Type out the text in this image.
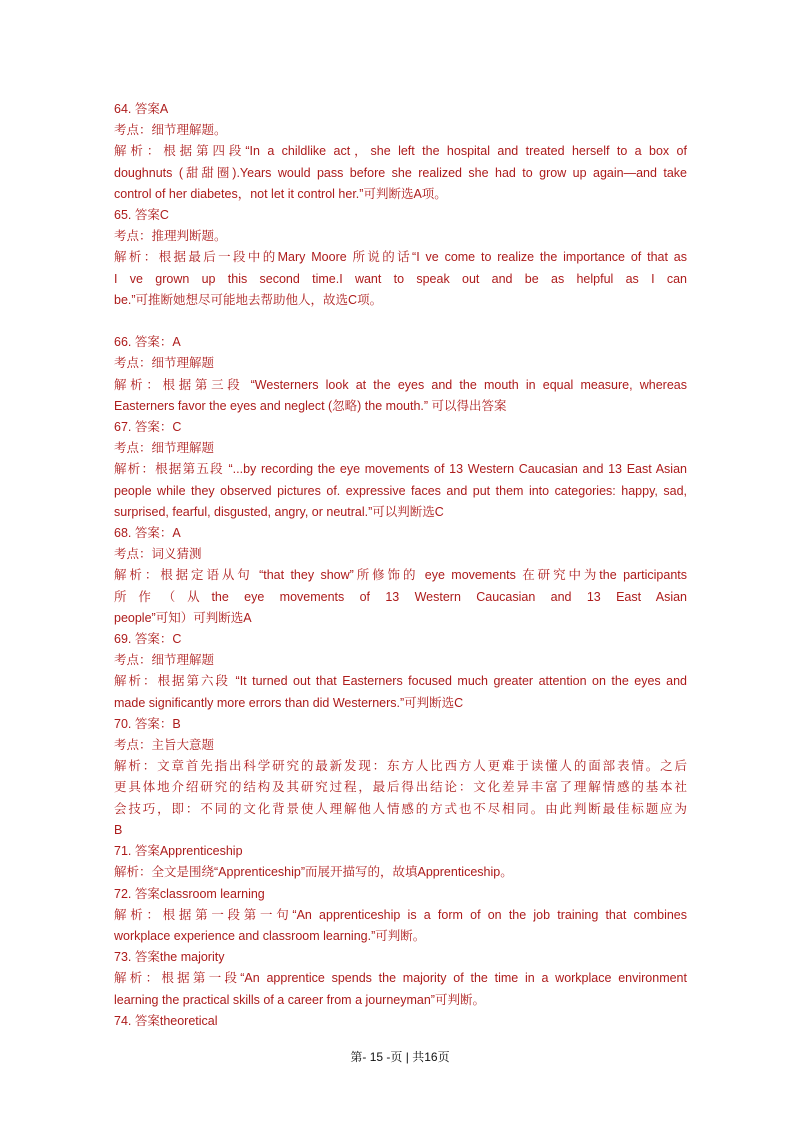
64. 答案A
考点：细节理解题。
解析：根据第四段“In a childlike act，she left the hospital and treated herself to a box of
doughnuts (甜甜圈).Years would pass before she realized she had to grow up again—and take
control of her diabetes，not let it control her.”可判断选A项。
65. 答案C
考点：推理判断题。
解析：根据最后一段中的Mary Moore 所说的话“I ve come to realize the importance of that as
I ve grown up this second time.I want to speak out and be as helpful as I can
be.”可推断她想尽可能地去帮助他人，故选C项。
66. 答案：A
考点：细节理解题
解析：根据第三段 “Westerners look at the eyes and the mouth in equal measure, whereas
Easterners favor the eyes and neglect (忽略) the mouth.” 可以得出答案
67. 答案：C
考点：细节理解题
解析：根据第五段 “...by recording the eye movements of 13 Western Caucasian and 13 East Asian
people while they observed pictures of. expressive faces and put them into categories: happy, sad,
surprised, fearful, disgusted, angry, or neutral.”可以判断选C
68. 答案：A
考点：词义猜测
解析：根据定语从句 “that they show”所修饰的 eye movements 在研究中为the participants
所作（从the eye movements of 13 Western Caucasian and 13 East Asian
people”可知）可判断选A
69. 答案：C
考点：细节理解题
解析：根据第六段 “It turned out that Easterners focused much greater attention on the eyes and
made significantly more errors than did Westerners.”可判断选C
70. 答案：B
考点：主旨大意题
解析：文章首先指出科学研究的最新发现：东方人比西方人更难于读懂人的面部表情。之后
更具体地介绍研究的结构及其研究过程，最后得出结论：文化差异丰富了理解情感的基本社
会技巧，即：不同的文化背景使人理解他人情感的方式也不尽相同。由此判断最佳标题应为
B
71. 答案Apprenticeship
解析：全文是围绕“Apprenticeship”而展开描写的，故填Apprenticeship。
72. 答案classroom learning
解析：根据第一段第一句“An apprenticeship is a form of on the job training that combines
workplace experience and classroom learning.”可判断。
73. 答案the majority
解析：根据第一段“An apprentice spends the majority of the time in a workplace environment
learning the practical skills of a career from a journeyman”可判断。
74. 答案theoretical
第- 15 -页 | 共16页
